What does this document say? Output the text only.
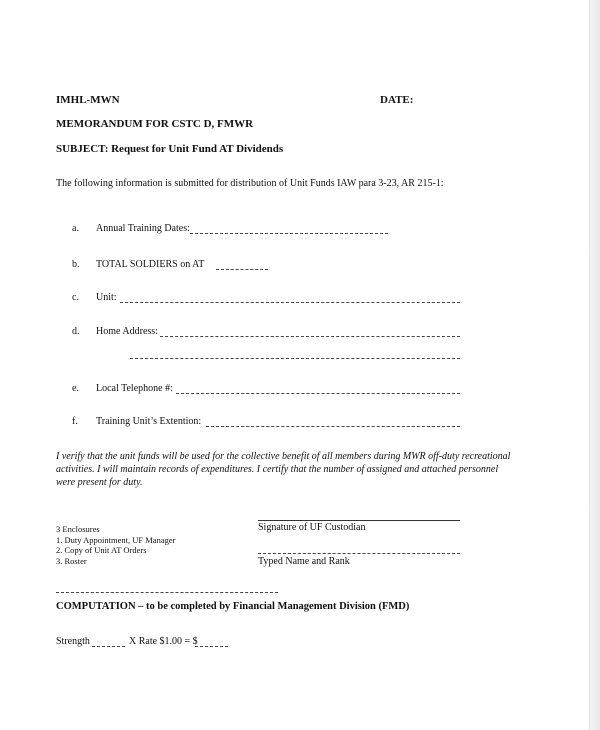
IMHL-MWN	DATE:
MEMORANDUM FOR CSTC D, FMWR
SUBJECT: Request for Unit Fund AT Dividends
The following information is submitted for distribution of Unit Funds IAW para 3-23, AR 215-1:
a. Annual Training Dates:
b. TOTAL SOLDIERS on AT
c. Unit:
d. Home Address:
e. Local Telephone #:
f. Training Unit’s Extention:
I verify that the unit funds will be used for the collective benefit of all members during MWR off-duty recreational
activities. I will maintain records of expenditures. I certify that the number of assigned and attached personnel
were present for duty.
3 Enclosures
1. Duty Appointment, UF Manager
2. Copy of Unit AT Orders
3. Roster
Signature of UF Custodian
Typed Name and Rank
COMPUTATION – to be completed by Financial Management Division (FMD)
Strength	X Rate $1.00 = $
